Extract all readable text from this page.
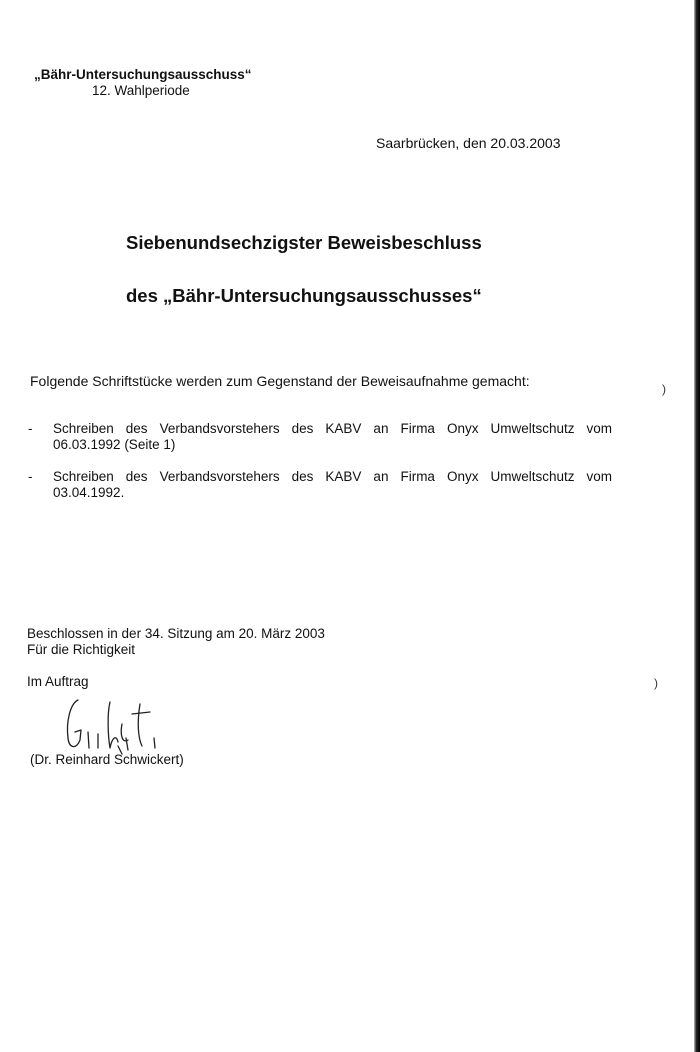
„Bähr-Untersuchungsausschuss“
12. Wahlperiode
Saarbrücken, den 20.03.2003
Siebenundsechzigster Beweisbeschluss
des „Bähr-Untersuchungsausschusses“
Folgende Schriftstücke werden zum Gegenstand der Beweisaufnahme gemacht:
- Schreiben des Verbandsvorstehers des KABV an Firma Onyx Umweltschutz vom
06.03.1992 (Seite 1)
- Schreiben des Verbandsvorstehers des KABV an Firma Onyx Umweltschutz vom
03.04.1992.
Beschlossen in der 34. Sitzung am 20. März 2003
Für die Richtigkeit
Im Auftrag
(Dr. Reinhard Schwickert)
)
)
